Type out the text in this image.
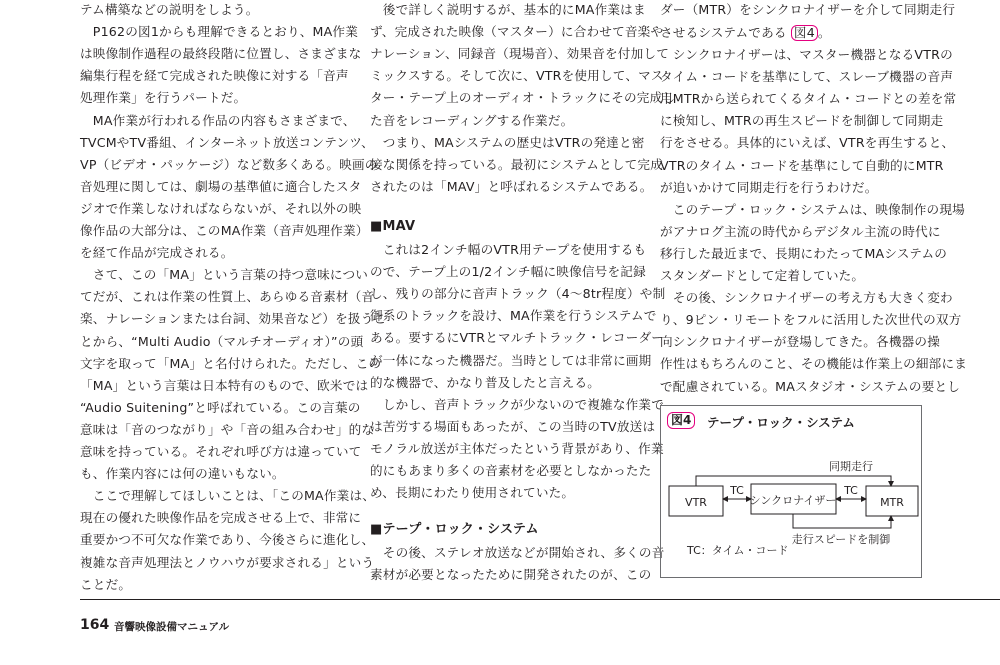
テム構築などの説明をしよう。
　P162の図1からも理解できるとおり、MA作業
は映像制作過程の最終段階に位置し、さまざまな
編集行程を経て完成された映像に対する「音声
処理作業」を行うパートだ。
　MA作業が行われる作品の内容もさまざまで、
TVCMやTV番組、インターネット放送コンテンツ、
VP（ビデオ・パッケージ）など数多くある。映画の
音処理に関しては、劇場の基準値に適合したスタ
ジオで作業しなければならないが、それ以外の映
像作品の大部分は、このMA作業（音声処理作業）
を経て作品が完成される。
　さて、この「MA」という言葉の持つ意味につい
てだが、これは作業の性質上、あらゆる音素材（音
楽、ナレーションまたは台詞、効果音など）を扱うこ
とから、“Multi Audio（マルチオーディオ）”の頭
文字を取って「MA」と名付けられた。ただし、この
「MA」という言葉は日本特有のもので、欧米では
“Audio Suitening”と呼ばれている。この言葉の
意味は「音のつながり」や「音の組み合わせ」的な
意味を持っている。それぞれ呼び方は違っていて
も、作業内容には何の違いもない。
　ここで理解してほしいことは、「このMA作業は、
現在の優れた映像作品を完成させる上で、非常に
重要かつ不可欠な作業であり、今後さらに進化し、
複雑な音声処理法とノウハウが要求される」という
ことだ。
　後で詳しく説明するが、基本的にMA作業はま
ず、完成された映像（マスター）に合わせて音楽や
ナレーション、同録音（現場音）、効果音を付加して
ミックスする。そして次に、VTRを使用して、マス
ター・テープ上のオーディオ・トラックにその完成し
た音をレコーディングする作業だ。
　つまり、MAシステムの歴史はVTRの発達と密
接な関係を持っている。最初にシステムとして完成
されたのは「MAV」と呼ばれるシステムである。
■MAV
　これは2インチ幅のVTR用テープを使用するも
ので、テープ上の1/2インチ幅に映像信号を記録
し、残りの部分に音声トラック（4〜8tr程度）や制
御系のトラックを設け、MA作業を行うシステムで
ある。要するにVTRとマルチトラック・レコーダー
が一体になった機器だ。当時としては非常に画期
的な機器で、かなり普及したと言える。
　しかし、音声トラックが少ないので複雑な作業で
は苦労する場面もあったが、この当時のTV放送は
モノラル放送が主体だったという背景があり、作業
的にもあまり多くの音素材を必要としなかったた
め、長期にわたり使用されていた。
■テープ・ロック・システム
　その後、ステレオ放送などが開始され、多くの音
素材が必要となったために開発されたのが、この
ダー（MTR）をシンクロナイザーを介して同期走行
させるシステムである 図4 。
　シンクロナイザーは、マスター機器となるVTRの
タイム・コードを基準にして、スレーブ機器の音声
用MTRから送られてくるタイム・コードとの差を常
に検知し、MTRの再生スピードを制御して同期走
行をさせる。具体的にいえば、VTRを再生すると、
VTRのタイム・コードを基準にして自動的にMTR
が追いかけて同期走行を行うわけだ。
　このテープ・ロック・システムは、映像制作の現場
がアナログ主流の時代からデジタル主流の時代に
移行した最近まで、長期にわたってMAシステムの
スタンダードとして定着していた。
　その後、シンクロナイザーの考え方も大きく変わ
り、9ピン・リモートをフルに活用した次世代の双方
向シンクロナイザーが登場してきた。各機器の操
作性はもちろんのこと、その機能は作業上の細部にま
で配慮されている。MAスタジオ・システムの要とし
VTR	シンクロナイザー	MTR
TC	TC
同期走行
走行スピードを制御
TC：タイム・コード
図4	テープ・ロック・システム
164 音響映像設備マニュアル
